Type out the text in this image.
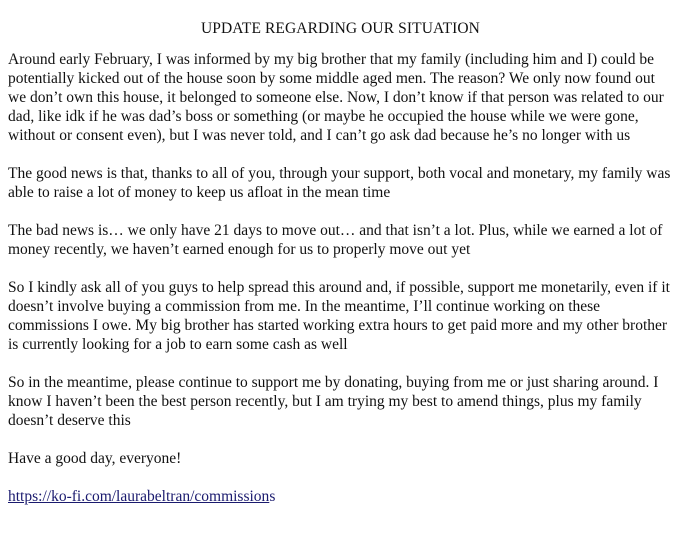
UPDATE REGARDING OUR SITUATION

Around early February, I was informed by my big brother that my family (including him and I) could be potentially kicked out of the house soon by some middle aged men. The reason? We only now found out we don’t own this house, it belonged to someone else. Now, I don’t know if that person was related to our dad, like idk if he was dad’s boss or something (or maybe he occupied the house while we were gone, without or consent even), but I was never told, and I can’t go ask dad because he’s no longer with us

The good news is that, thanks to all of you, through your support, both vocal and monetary, my family was able to raise a lot of money to keep us afloat in the mean time

The bad news is… we only have 21 days to move out… and that isn’t a lot. Plus, while we earned a lot of money recently, we haven’t earned enough for us to properly move out yet

So I kindly ask all of you guys to help spread this around and, if possible, support me monetarily, even if it doesn’t involve buying a commission from me. In the meantime, I’ll continue working on these commissions I owe. My big brother has started working extra hours to get paid more and my other brother is currently looking for a job to earn some cash as well

So in the meantime, please continue to support me by donating, buying from me or just sharing around. I know I haven’t been the best person recently, but I am trying my best to amend things, plus my family doesn’t deserve this

Have a good day, everyone!

https://ko-fi.com/laurabeltran/commissions
